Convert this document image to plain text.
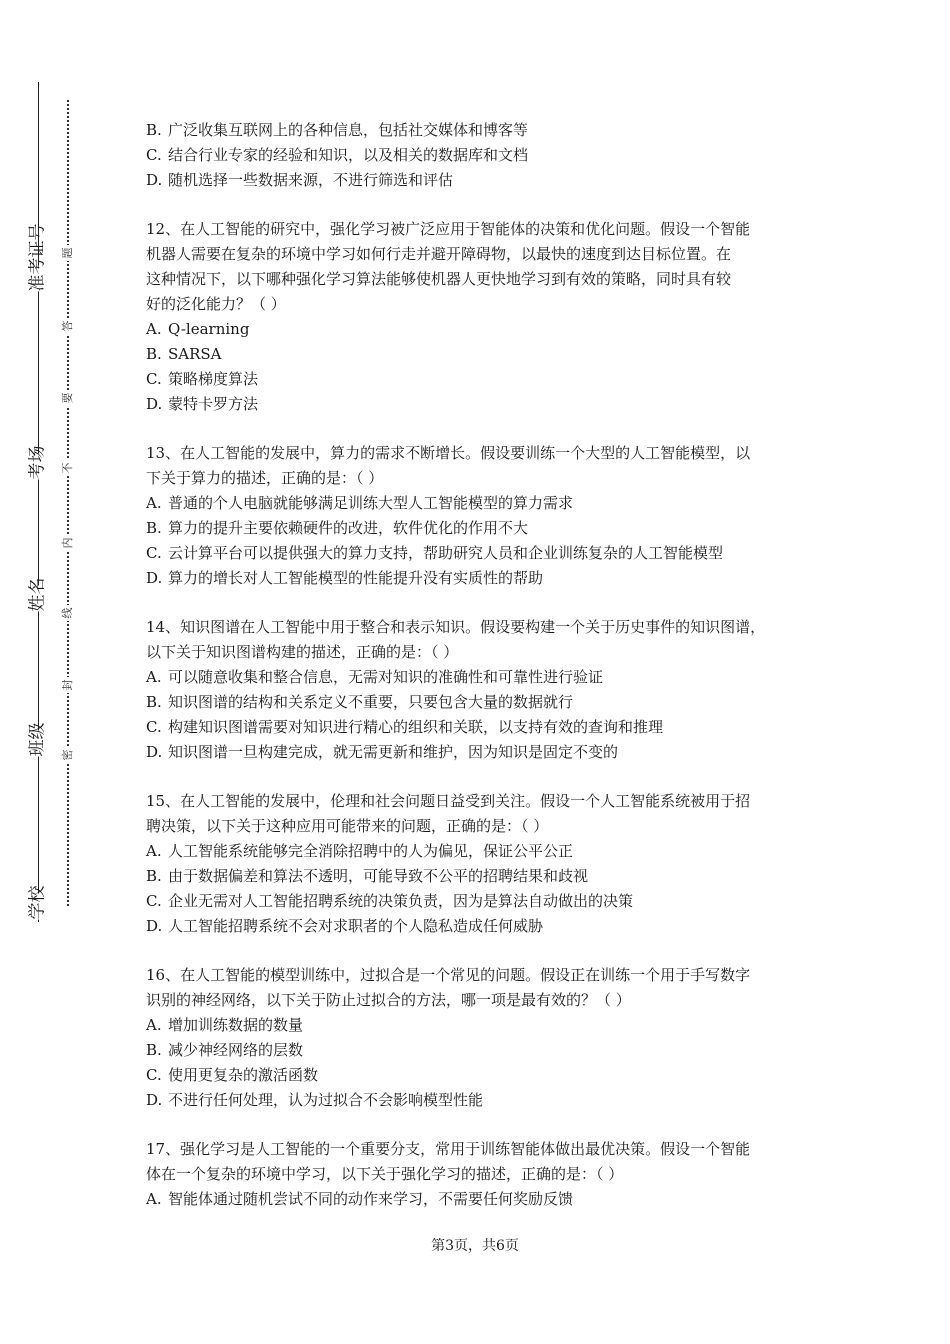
准考证号
考场
姓名
班级
学校
题
答
要
不
内
线
封
密

B. 广泛收集互联网上的各种信息，包括社交媒体和博客等

C. 结合行业专家的经验和知识，以及相关的数据库和文档

D. 随机选择一些数据来源，不进行筛选和评估

12、在人工智能的研究中，强化学习被广泛应用于智能体的决策和优化问题。假设一个智能

机器人需要在复杂的环境中学习如何行走并避开障碍物，以最快的速度到达目标位置。在

这种情况下，以下哪种强化学习算法能够使机器人更快地学习到有效的策略，同时具有较

好的泛化能力？（ ）

A. Q-learning

B. SARSA

C. 策略梯度算法

D. 蒙特卡罗方法

13、在人工智能的发展中，算力的需求不断增长。假设要训练一个大型的人工智能模型，以

下关于算力的描述，正确的是：（ ）

A. 普通的个人电脑就能够满足训练大型人工智能模型的算力需求

B. 算力的提升主要依赖硬件的改进，软件优化的作用不大

C. 云计算平台可以提供强大的算力支持，帮助研究人员和企业训练复杂的人工智能模型

D. 算力的增长对人工智能模型的性能提升没有实质性的帮助

14、知识图谱在人工智能中用于整合和表示知识。假设要构建一个关于历史事件的知识图谱，

以下关于知识图谱构建的描述，正确的是：（ ）

A. 可以随意收集和整合信息，无需对知识的准确性和可靠性进行验证

B. 知识图谱的结构和关系定义不重要，只要包含大量的数据就行

C. 构建知识图谱需要对知识进行精心的组织和关联，以支持有效的查询和推理

D. 知识图谱一旦构建完成，就无需更新和维护，因为知识是固定不变的

15、在人工智能的发展中，伦理和社会问题日益受到关注。假设一个人工智能系统被用于招

聘决策，以下关于这种应用可能带来的问题，正确的是：（ ）

A. 人工智能系统能够完全消除招聘中的人为偏见，保证公平公正

B. 由于数据偏差和算法不透明，可能导致不公平的招聘结果和歧视

C. 企业无需对人工智能招聘系统的决策负责，因为是算法自动做出的决策

D. 人工智能招聘系统不会对求职者的个人隐私造成任何威胁

16、在人工智能的模型训练中，过拟合是一个常见的问题。假设正在训练一个用于手写数字

识别的神经网络，以下关于防止过拟合的方法，哪一项是最有效的？（ ）

A. 增加训练数据的数量

B. 减少神经网络的层数

C. 使用更复杂的激活函数

D. 不进行任何处理，认为过拟合不会影响模型性能

17、强化学习是人工智能的一个重要分支，常用于训练智能体做出最优决策。假设一个智能

体在一个复杂的环境中学习，以下关于强化学习的描述，正确的是：（ ）

A. 智能体通过随机尝试不同的动作来学习，不需要任何奖励反馈

第3页，共6页
